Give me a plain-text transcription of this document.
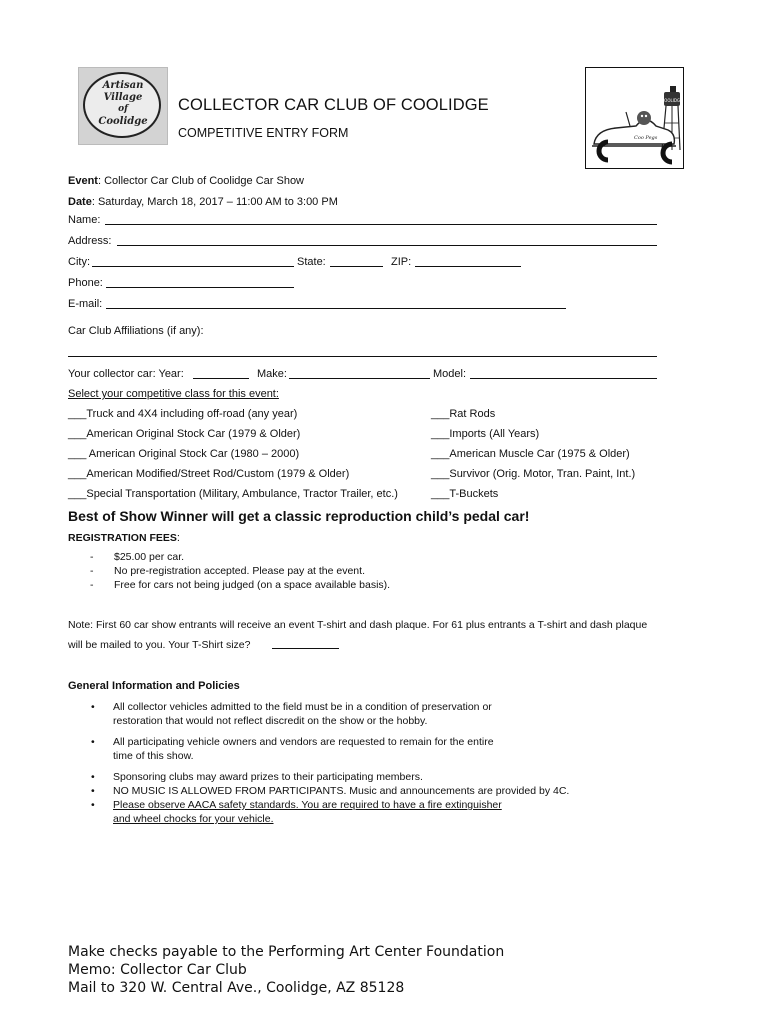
Artisan
Village
of
Coolidge
COLLECTOR CAR CLUB OF COOLIDGE
COMPETITIVE ENTRY FORM
COOLIDGE
Coo Pegs
Event: Collector Car Club of Coolidge Car Show
Date: Saturday, March 18, 2017 – 11:00 AM to 3:00 PM
Name:
Address:
City:	State:	ZIP:
Phone:
E-mail:
Car Club Affiliations (if any):
Your collector car: Year:	Make:	Model:
Select your competitive class for this event:
___Truck and 4X4 including off-road (any year)
___American Original Stock Car (1979 & Older)
___ American Original Stock Car (1980 – 2000)
___American Modified/Street Rod/Custom (1979 & Older)
___Special Transportation (Military, Ambulance, Tractor Trailer, etc.)
___Rat Rods
___Imports (All Years)
___American Muscle Car (1975 & Older)
___Survivor (Orig. Motor, Tran. Paint, Int.)
___T-Buckets
Best of Show Winner will get a classic reproduction child’s pedal car!
REGISTRATION FEES:
- $25.00 per car.
- No pre-registration accepted. Please pay at the event.
- Free for cars not being judged (on a space available basis).
Note: First 60 car show entrants will receive an event T-shirt and dash plaque. For 61 plus entrants a T-shirt and dash plaque
will be mailed to you. Your T-Shirt size?
General Information and Policies
• All collector vehicles admitted to the field must be in a condition of preservation or
restoration that would not reflect discredit on the show or the hobby.
• All participating vehicle owners and vendors are requested to remain for the entire
time of this show.
• Sponsoring clubs may award prizes to their participating members.
• NO MUSIC IS ALLOWED FROM PARTICIPANTS. Music and announcements are provided by 4C.
• Please observe AACA safety standards. You are required to have a fire extinguisher
and wheel chocks for your vehicle.
Make checks payable to the Performing Art Center Foundation
Memo: Collector Car Club
Mail to 320 W. Central Ave., Coolidge, AZ 85128
